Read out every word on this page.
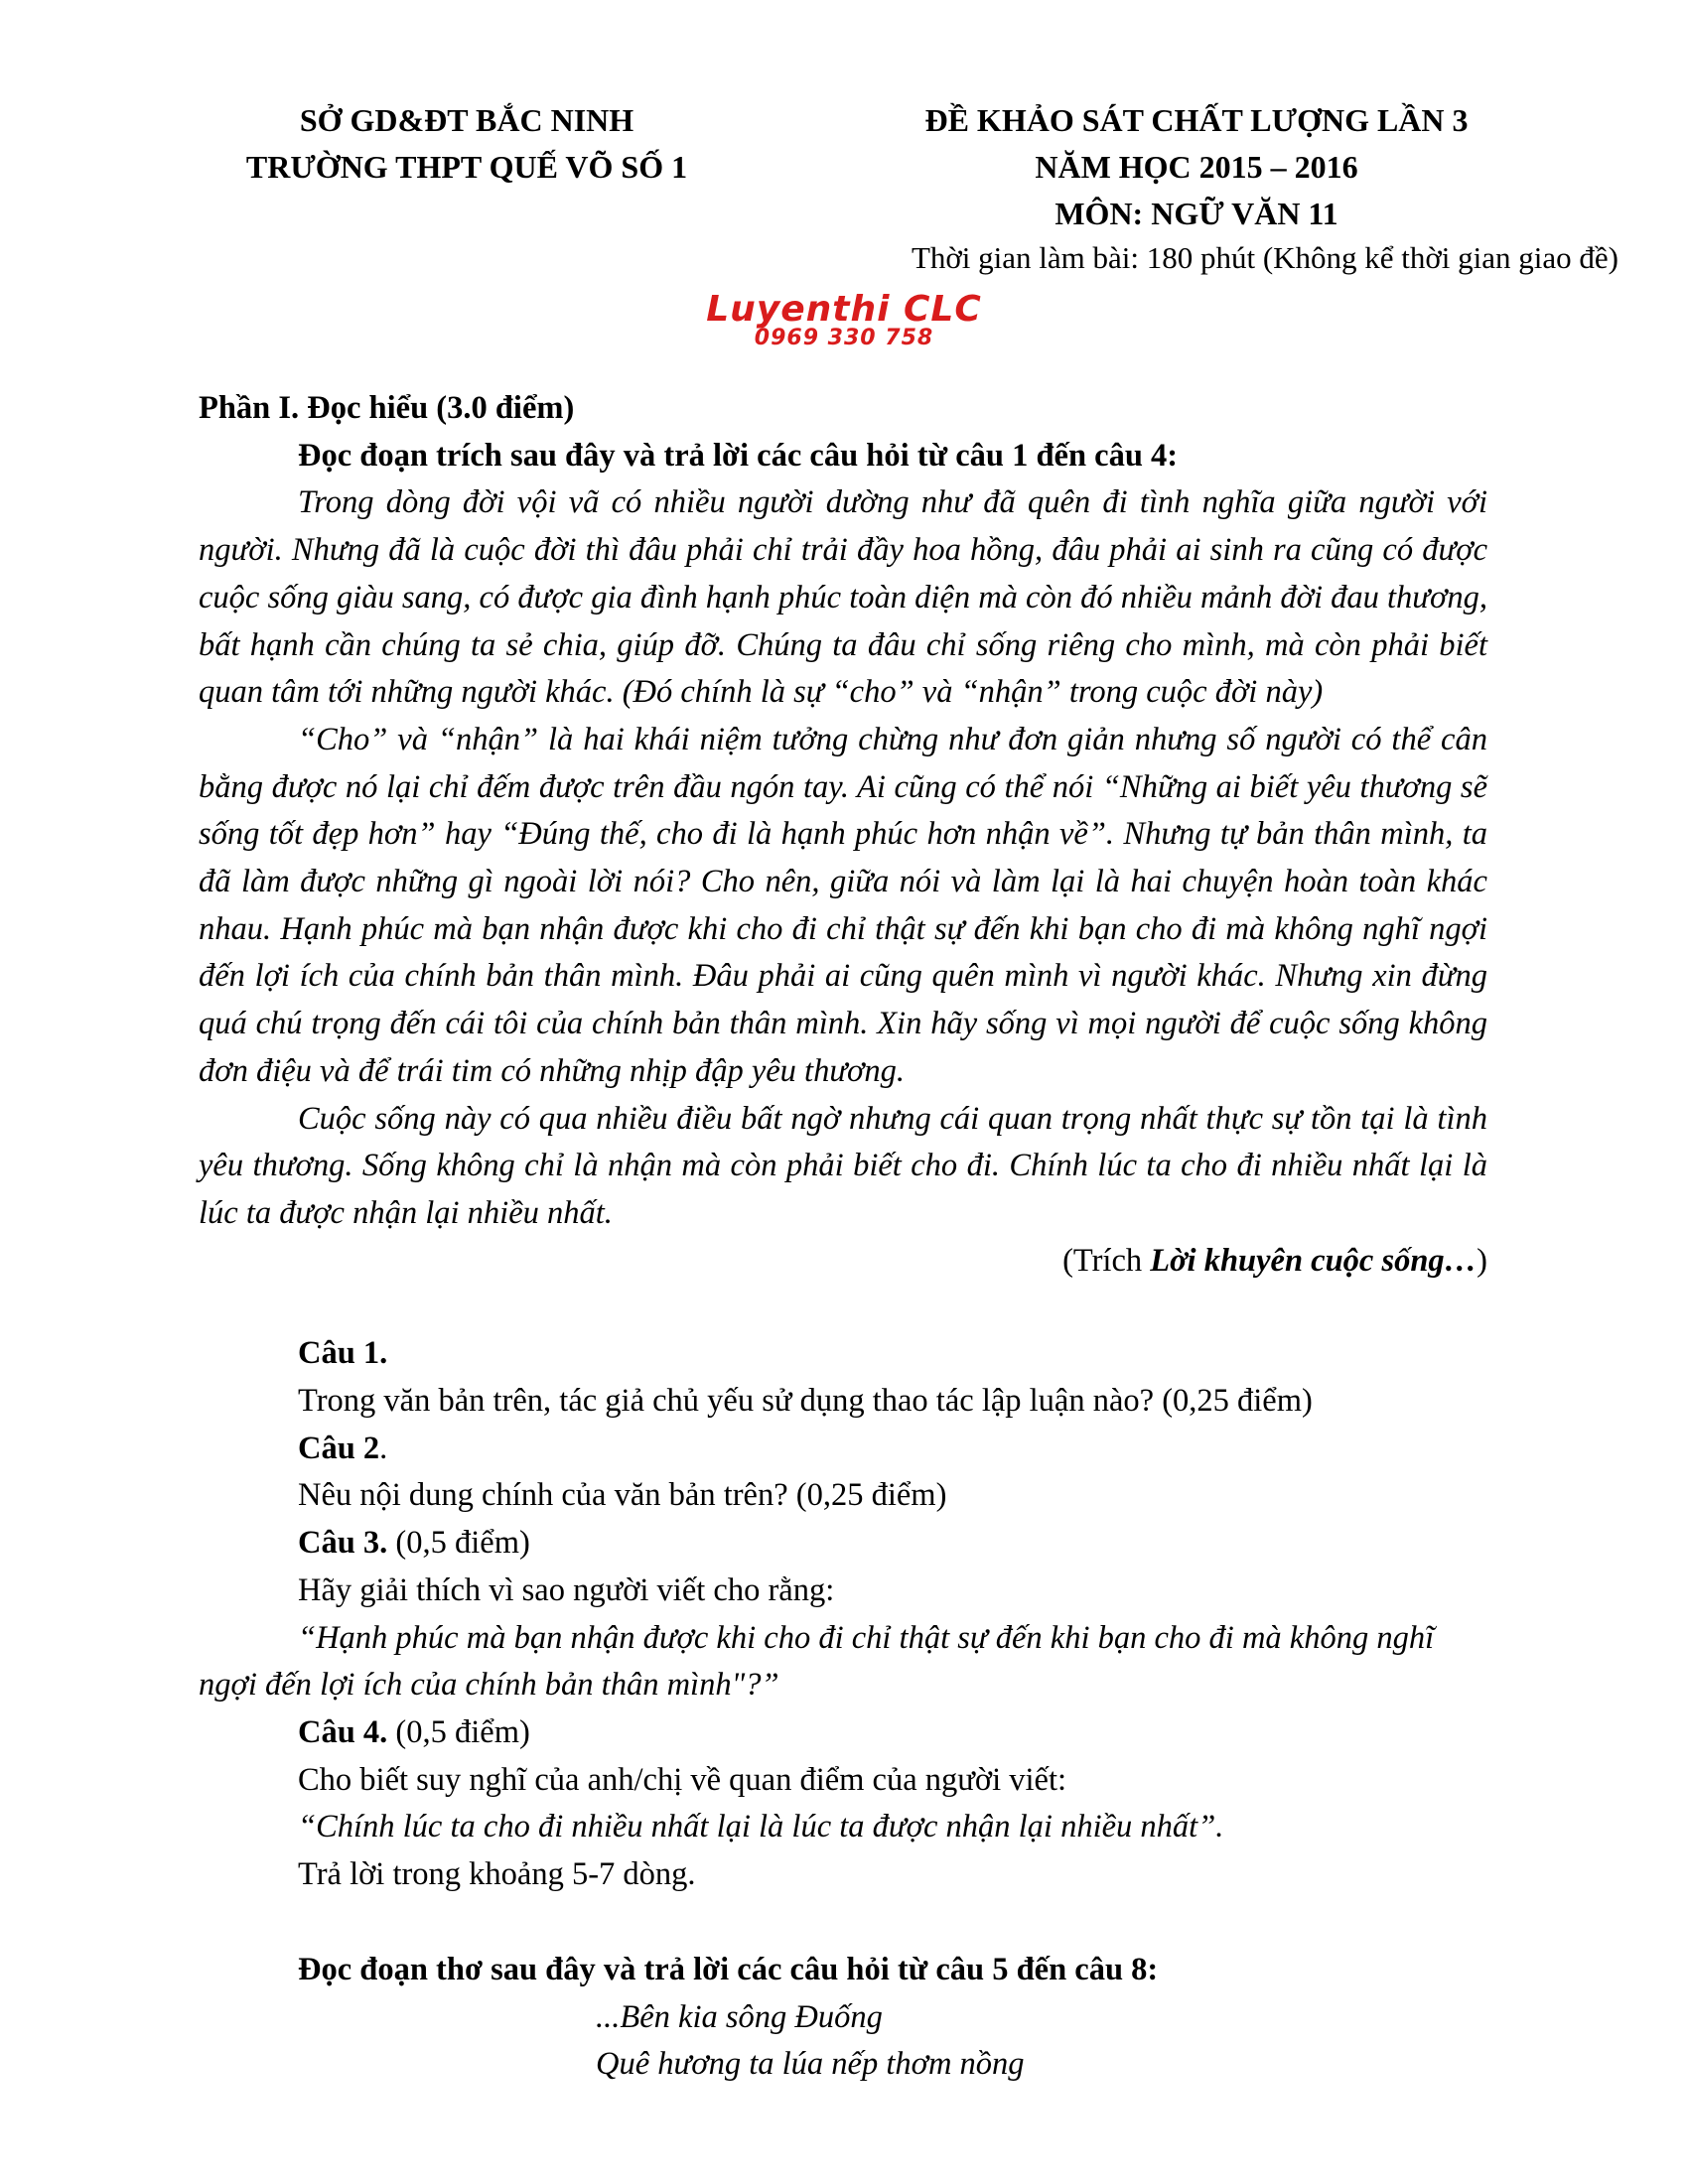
SỞ GD&ĐT BẮC NINH
TRƯỜNG THPT QUẾ VÕ SỐ 1
ĐỀ KHẢO SÁT CHẤT LƯỢNG LẦN 3
NĂM HỌC 2015 – 2016
MÔN: NGỮ VĂN 11
Thời gian làm bài: 180 phút (Không kể thời gian giao đề)
Luyenthi CLC
0969 330 758

Phần I. Đọc hiểu (3.0 điểm)

Đọc đoạn trích sau đây và trả lời các câu hỏi từ câu 1 đến câu 4:

Trong dòng đời vội vã có nhiều người dường như đã quên đi tình nghĩa giữa người với người. Nhưng đã là cuộc đời thì đâu phải chỉ trải đầy hoa hồng, đâu phải ai sinh ra cũng có được cuộc sống giàu sang, có được gia đình hạnh phúc toàn diện mà còn đó nhiều mảnh đời đau thương, bất hạnh cần chúng ta sẻ chia, giúp đỡ. Chúng ta đâu chỉ sống riêng cho mình, mà còn phải biết quan tâm tới những người khác. (Đó chính là sự “cho” và “nhận” trong cuộc đời này)

“Cho” và “nhận” là hai khái niệm tưởng chừng như đơn giản nhưng số người có thể cân bằng được nó lại chỉ đếm được trên đầu ngón tay. Ai cũng có thể nói “Những ai biết yêu thương sẽ sống tốt đẹp hơn” hay “Đúng thế, cho đi là hạnh phúc hơn nhận về”. Nhưng tự bản thân mình, ta đã làm được những gì ngoài lời nói? Cho nên, giữa nói và làm lại là hai chuyện hoàn toàn khác nhau. Hạnh phúc mà bạn nhận được khi cho đi chỉ thật sự đến khi bạn cho đi mà không nghĩ ngợi đến lợi ích của chính bản thân mình. Đâu phải ai cũng quên mình vì người khác. Nhưng xin đừng quá chú trọng đến cái tôi của chính bản thân mình. Xin hãy sống vì mọi người để cuộc sống không đơn điệu và để trái tim có những nhịp đập yêu thương.

Cuộc sống này có qua nhiều điều bất ngờ nhưng cái quan trọng nhất thực sự tồn tại là tình yêu thương. Sống không chỉ là nhận mà còn phải biết cho đi. Chính lúc ta cho đi nhiều nhất lại là lúc ta được nhận lại nhiều nhất.

(Trích Lời khuyên cuộc sống…)

Câu 1.

Trong văn bản trên, tác giả chủ yếu sử dụng thao tác lập luận nào? (0,25 điểm)

Câu 2.

Nêu nội dung chính của văn bản trên? (0,25 điểm)

Câu 3. (0,5 điểm)

Hãy giải thích vì sao người viết cho rằng:

“Hạnh phúc mà bạn nhận được khi cho đi chỉ thật sự đến khi bạn cho đi mà không nghĩ ngợi đến lợi ích của chính bản thân mình"?”

Câu 4. (0,5 điểm)

Cho biết suy nghĩ của anh/chị về quan điểm của người viết:

“Chính lúc ta cho đi nhiều nhất lại là lúc ta được nhận lại nhiều nhất”.

Trả lời trong khoảng 5-7 dòng.

Đọc đoạn thơ sau đây và trả lời các câu hỏi từ câu 5 đến câu 8:

...Bên kia sông Đuống

Quê hương ta lúa nếp thơm nồng
